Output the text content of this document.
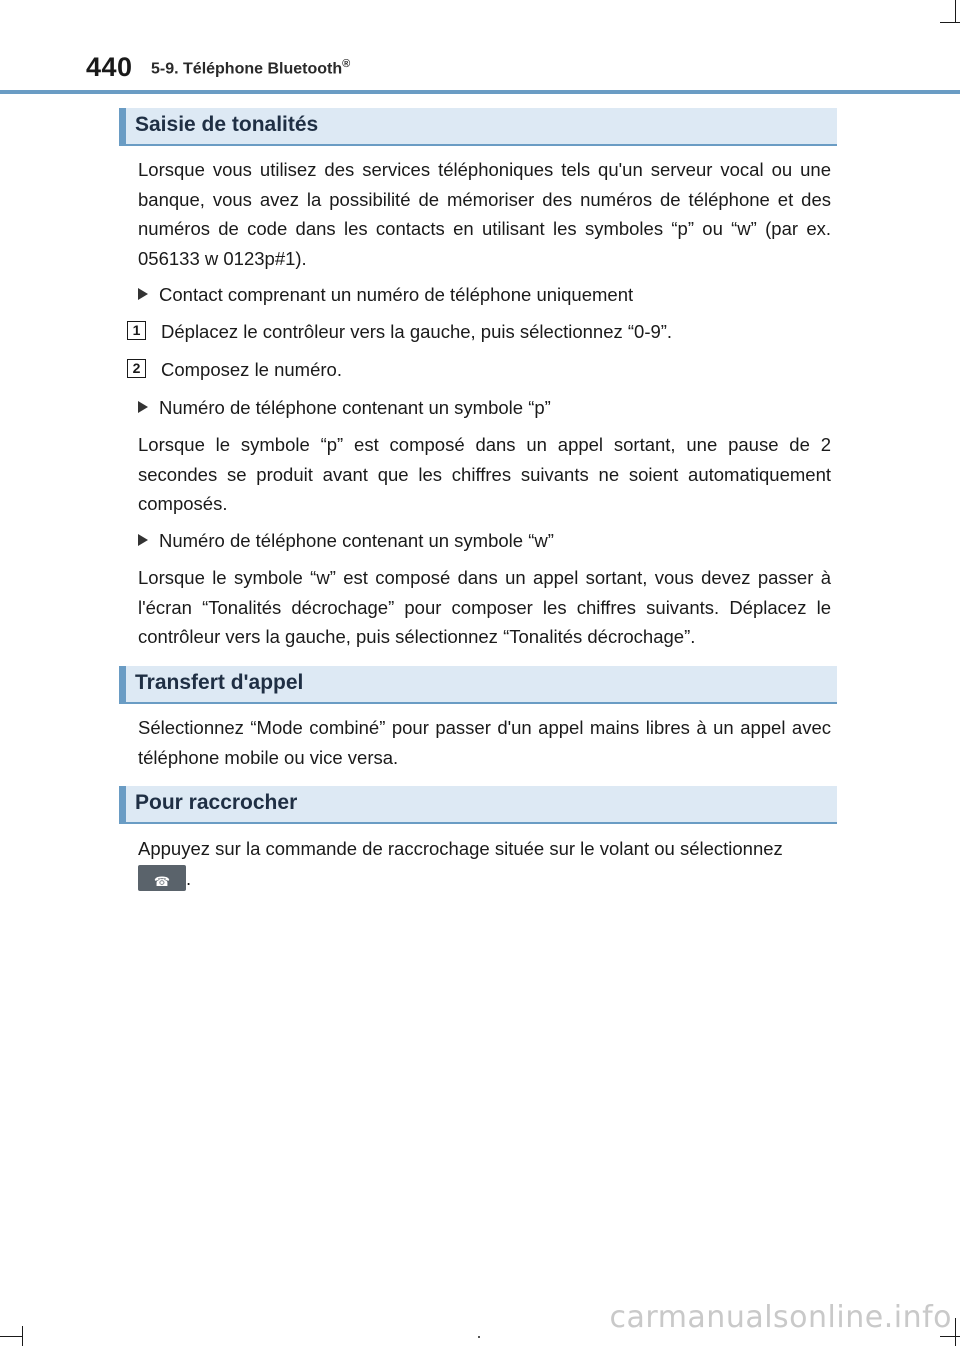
440 5-9. Téléphone Bluetooth®
Saisie de tonalités

Lorsque vous utilisez des services téléphoniques tels qu'un serveur vocal ou une banque, vous avez la possibilité de mémoriser des numéros de téléphone et des numéros de code dans les contacts en utilisant les symboles “p” ou “w” (par ex. 056133 w 0123p#1).

Contact comprenant un numéro de téléphone uniquement
1	Déplacez le contrôleur vers la gauche, puis sélectionnez “0-9”.
2	Composez le numéro.
Numéro de téléphone contenant un symbole “p”

Lorsque le symbole “p” est composé dans un appel sortant, une pause de 2 secondes se produit avant que les chiffres suivants ne soient automatiquement composés.

Numéro de téléphone contenant un symbole “w”

Lorsque le symbole “w” est composé dans un appel sortant, vous devez passer à l'écran “Tonalités décrochage” pour composer les chiffres suivants. Déplacez le contrôleur vers la gauche, puis sélectionnez “Tonalités décrochage”.

Transfert d'appel

Sélectionnez “Mode combiné” pour passer d'un appel mains libres à un appel avec téléphone mobile ou vice versa.

Pour raccrocher

Appuyez sur la commande de raccrochage située sur le volant ou sélectionnez

☎ .

carmanualsonline.info
